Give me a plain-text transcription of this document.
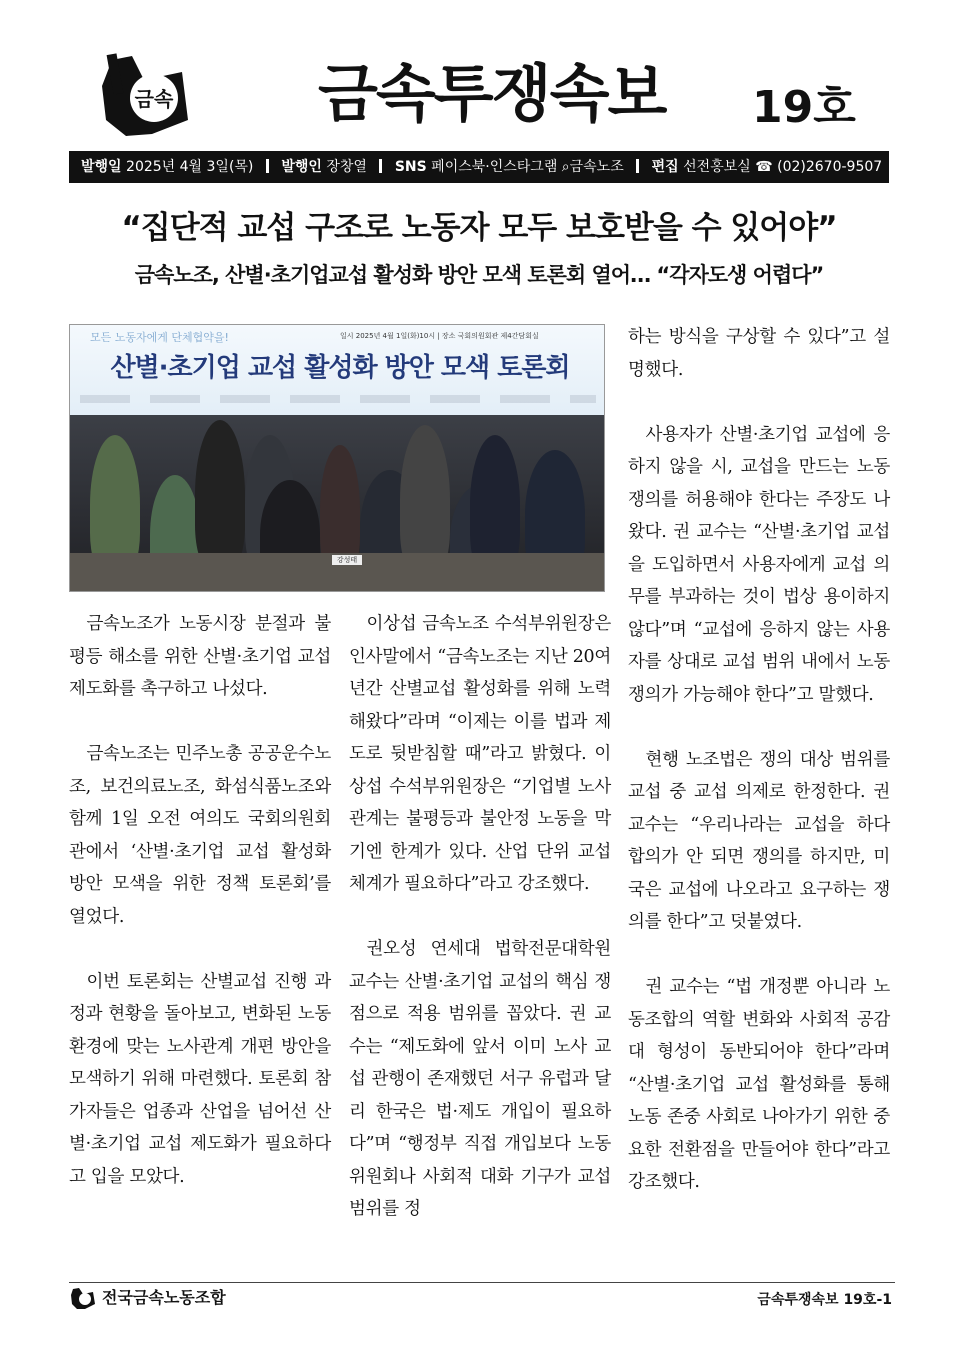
금속 금속투쟁속보 19호
발행일 2025년 4월 3일(목) 발행인 장창열 SNS 페이스북·인스타그램 ⌕금속노조 편집 선전홍보실 ☎ (02)2670-9507
“집단적 교섭 구조로 노동자 모두 보호받을 수 있어야”
금속노조, 산별·초기업교섭 활성화 방안 모색 토론회 열어… “각자도생 어렵다”
모든 노동자에게 단체협약을!	일시 2025년 4월 1일(화)10시 | 장소 국회의원회관 제4간담회실
산별·초기업 교섭 활성화 방안 모색 토론회
강성태

금속노조가 노동시장 분절과 불평등 해소를 위한 산별·초기업 교섭 제도화를 촉구하고 나섰다.

금속노조는 민주노총 공공운수노조, 보건의료노조, 화섬식품노조와 함께 1일 오전 여의도 국회의원회관에서 ‘산별·초기업 교섭 활성화 방안 모색을 위한 정책 토론회’를 열었다.

이번 토론회는 산별교섭 진행 과정과 현황을 돌아보고, 변화된 노동환경에 맞는 노사관계 개편 방안을 모색하기 위해 마련했다. 토론회 참가자들은 업종과 산업을 넘어선 산별·초기업 교섭 제도화가 필요하다고 입을 모았다.

이상섭 금속노조 수석부위원장은 인사말에서 “금속노조는 지난 20여 년간 산별교섭 활성화를 위해 노력해왔다”라며 “이제는 이를 법과 제도로 뒷받침할 때”라고 밝혔다. 이상섭 수석부위원장은 “기업별 노사관계는 불평등과 불안정 노동을 막기엔 한계가 있다. 산업 단위 교섭 체계가 필요하다”라고 강조했다.

권오성 연세대 법학전문대학원 교수는 산별·초기업 교섭의 핵심 쟁점으로 적용 범위를 꼽았다. 권 교수는 “제도화에 앞서 이미 노사 교섭 관행이 존재했던 서구 유럽과 달리 한국은 법·제도 개입이 필요하다”며 “행정부 직접 개입보다 노동위원회나 사회적 대화 기구가 교섭 범위를 정

하는 방식을 구상할 수 있다”고 설명했다.

사용자가 산별·초기업 교섭에 응하지 않을 시, 교섭을 만드는 노동쟁의를 허용해야 한다는 주장도 나왔다. 권 교수는 “산별·초기업 교섭을 도입하면서 사용자에게 교섭 의무를 부과하는 것이 법상 용이하지 않다”며 “교섭에 응하지 않는 사용자를 상대로 교섭 범위 내에서 노동쟁의가 가능해야 한다”고 말했다.

현행 노조법은 쟁의 대상 범위를 교섭 중 교섭 의제로 한정한다. 권 교수는 “우리나라는 교섭을 하다 합의가 안 되면 쟁의를 하지만, 미국은 교섭에 나오라고 요구하는 쟁의를 한다”고 덧붙였다.

권 교수는 “법 개정뿐 아니라 노동조합의 역할 변화와 사회적 공감대 형성이 동반되어야 한다”라며 “산별·초기업 교섭 활성화를 통해 노동 존중 사회로 나아가기 위한 중요한 전환점을 만들어야 한다”라고 강조했다.

전국금속노동조합	금속투쟁속보 19호-1
